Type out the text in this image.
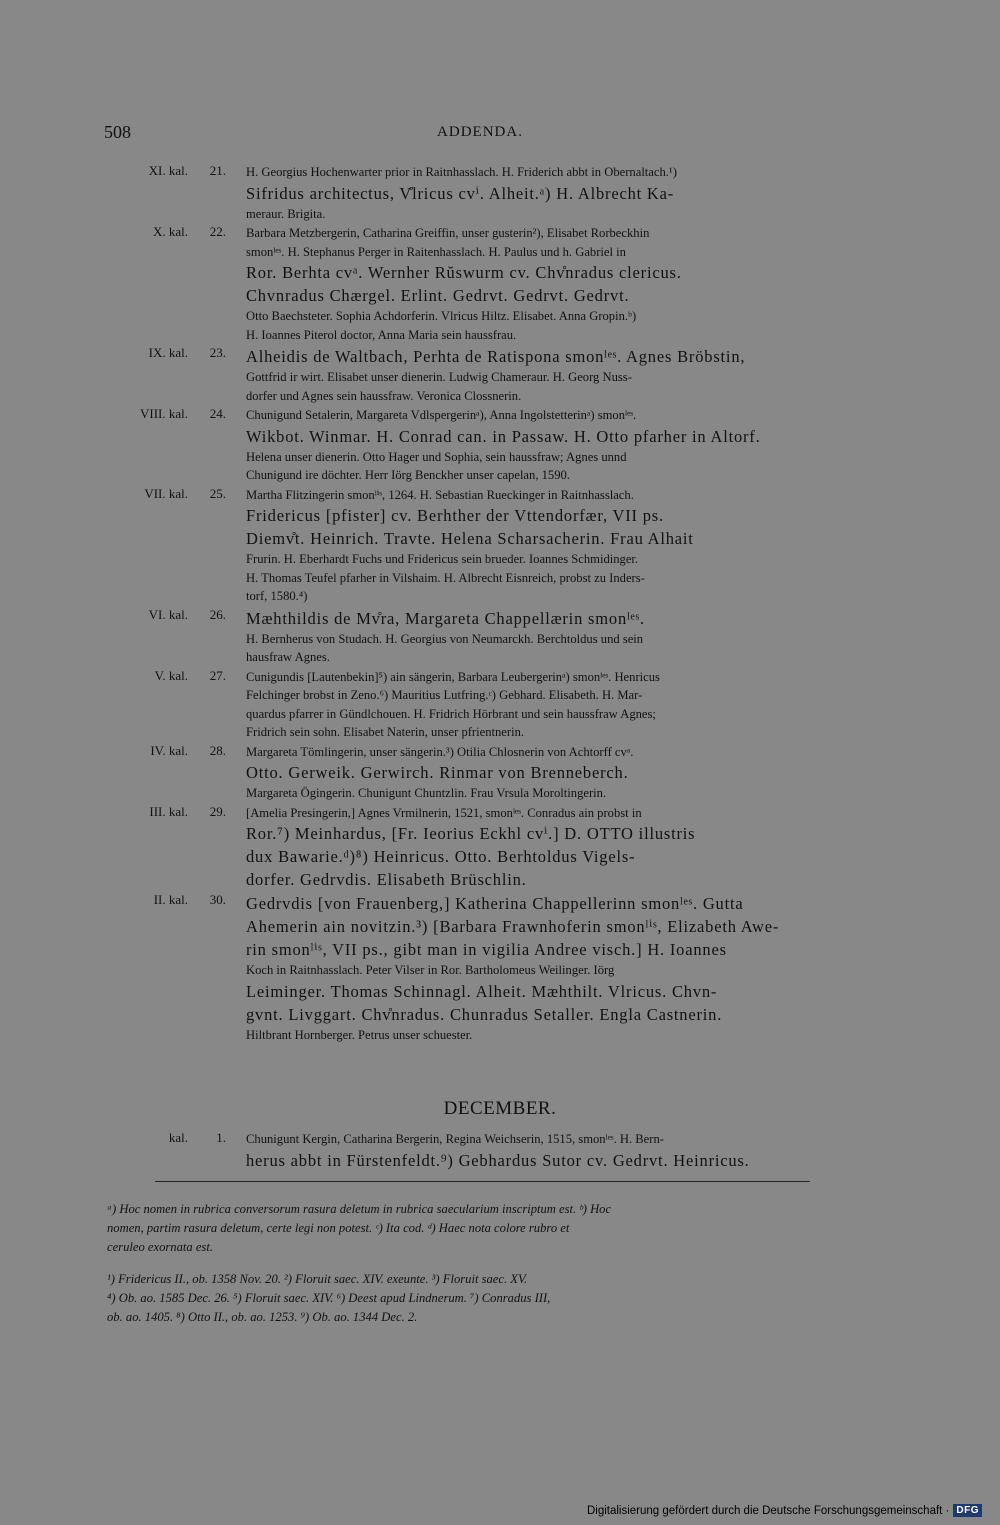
508	ADDENDA.
XI. kal.	21. H. Georgius Hochenwarter prior in Raitnhasslach. H. Friderich abbt in Obernaltach.¹)
Sifridus architectus, V̊lricus cvⁱ. Alheit.ᵃ) H. Albrecht Ka-
meraur. Brigita.
X. kal.	22. Barbara Metzbergerin, Catharina Greiffin, unser gusterin²), Elisabet Rorbeckhin
smonˡᵉˢ. H. Stephanus Perger in Raitenhasslach. H. Paulus und h. Gabriel in
Ror. Berhta cvᵃ. Wernher Rŭswurm cv. Chv̊nradus clericus.
Chvnradus Chærgel. Erlint. Gedrvt. Gedrvt. Gedrvt.
Otto Baechsteter. Sophia Achdorferin. Vlricus Hiltz. Elisabet. Anna Gropin.ᵇ)
H. Ioannes Piterol doctor, Anna Maria sein haussfrau.
IX. kal.	23. Alheidis de Waltbach, Perhta de Ratispona smonˡᵉˢ. Agnes Bröbstin,
Gottfrid ir wirt. Elisabet unser dienerin. Ludwig Chameraur. H. Georg Nuss-
dorfer und Agnes sein haussfraw. Veronica Clossnerin.
VIII. kal.	24. Chunigund Setalerin, Margareta Vdlspergerinᵃ), Anna Ingolstetterinᵃ) smonˡᵉˢ.
Wikbot. Winmar. H. Conrad can. in Passaw. H. Otto pfarher in Altorf.
Helena unser dienerin. Otto Hager und Sophia, sein haussfraw; Agnes unnd
Chunigund ire döchter. Herr Iörg Benckher unser capelan, 1590.
VII. kal.	25. Martha Flitzingerin smonˡⁱˢ, 1264. H. Sebastian Rueckinger in Raitnhasslach.
Fridericus [pfister] cv. Berhther der Vttendorfær, VII ps.
Diemv̊t. Heinrich. Travte. Helena Scharsacherin. Frau Alhait
Frurin. H. Eberhardt Fuchs und Fridericus sein brueder. Ioannes Schmidinger.
H. Thomas Teufel pfarher in Vilshaim. H. Albrecht Eisnreich, probst zu Inders-
torf, 1580.⁴)
VI. kal.	26. Mæhthildis de Mv̊ra, Margareta Chappellærin smonˡᵉˢ.
H. Bernherus von Studach. H. Georgius von Neumarckh. Berchtoldus und sein
hausfraw Agnes.
V. kal.	27. Cunigundis [Lautenbekin]⁵) ain sängerin, Barbara Leubergerinᵃ) smonˡᵉˢ. Henricus
Felchinger brobst in Zeno.⁶) Mauritius Lutfring.ᶜ) Gebhard. Elisabeth. H. Mar-
quardus pfarrer in Gündlchouen. H. Fridrich Hörbrant und sein haussfraw Agnes;
Fridrich sein sohn. Elisabet Naterin, unser pfrientnerin.
IV. kal.	28. Margareta Tömlingerin, unser sängerin.³) Otilia Chlosnerin von Achtorff cvᵃ.
Otto. Gerweik. Gerwirch. Rinmar von Brenneberch.
Margareta Ögingerin. Chunigunt Chuntzlin. Frau Vrsula Moroltingerin.
III. kal.	29. [Amelia Presingerin,] Agnes Vrmilnerin, 1521, smonˡᵉˢ. Conradus ain probst in
Ror.⁷) Meinhardus, [Fr. Ieorius Eckhl cvⁱ.] D. OTTO illustris
dux Bawarie.ᵈ)⁸) Heinricus. Otto. Berhtoldus Vigels-
dorfer. Gedrvdis. Elisabeth Brüschlin.
II. kal.	30. Gedrvdis [von Frauenberg,] Katherina Chappellerinn smonˡᵉˢ. Gutta
Ahemerin ain novitzin.³) [Barbara Frawnhoferin smonˡⁱˢ, Elizabeth Awe-
rin smonˡⁱˢ, VII ps., gibt man in vigilia Andree visch.] H. Ioannes
Koch in Raitnhasslach. Peter Vilser in Ror. Bartholomeus Weilinger. Iörg
Leiminger. Thomas Schinnagl. Alheit. Mæhthilt. Vlricus. Chvn-
gvnt. Livggart. Chv̊nradus. Chunradus Setaller. Engla Castnerin.
Hiltbrant Hornberger. Petrus unser schuester.
DECEMBER.
kal.	1. Chunigunt Kergin, Catharina Bergerin, Regina Weichserin, 1515, smonˡᵉˢ. H. Bern-
herus abbt in Fürstenfeldt.⁹) Gebhardus Sutor cv. Gedrvt. Heinricus.
ᵃ) Hoc nomen in rubrica conversorum rasura deletum in rubrica saecularium inscriptum est. ᵇ) Hoc
nomen, partim rasura deletum, certe legi non potest. ᶜ) Ita cod. ᵈ) Haec nota colore rubro et
ceruleo exornata est.
¹) Fridericus II., ob. 1358 Nov. 20. ²) Floruit saec. XIV. exeunte. ³) Floruit saec. XV.
⁴) Ob. ao. 1585 Dec. 26. ⁵) Floruit saec. XIV. ⁶) Deest apud Lindnerum. ⁷) Conradus III,
ob. ao. 1405. ⁸) Otto II., ob. ao. 1253. ⁹) Ob. ao. 1344 Dec. 2.
Digitalisierung gefördert durch die Deutsche Forschungsgemeinschaft · DFG
